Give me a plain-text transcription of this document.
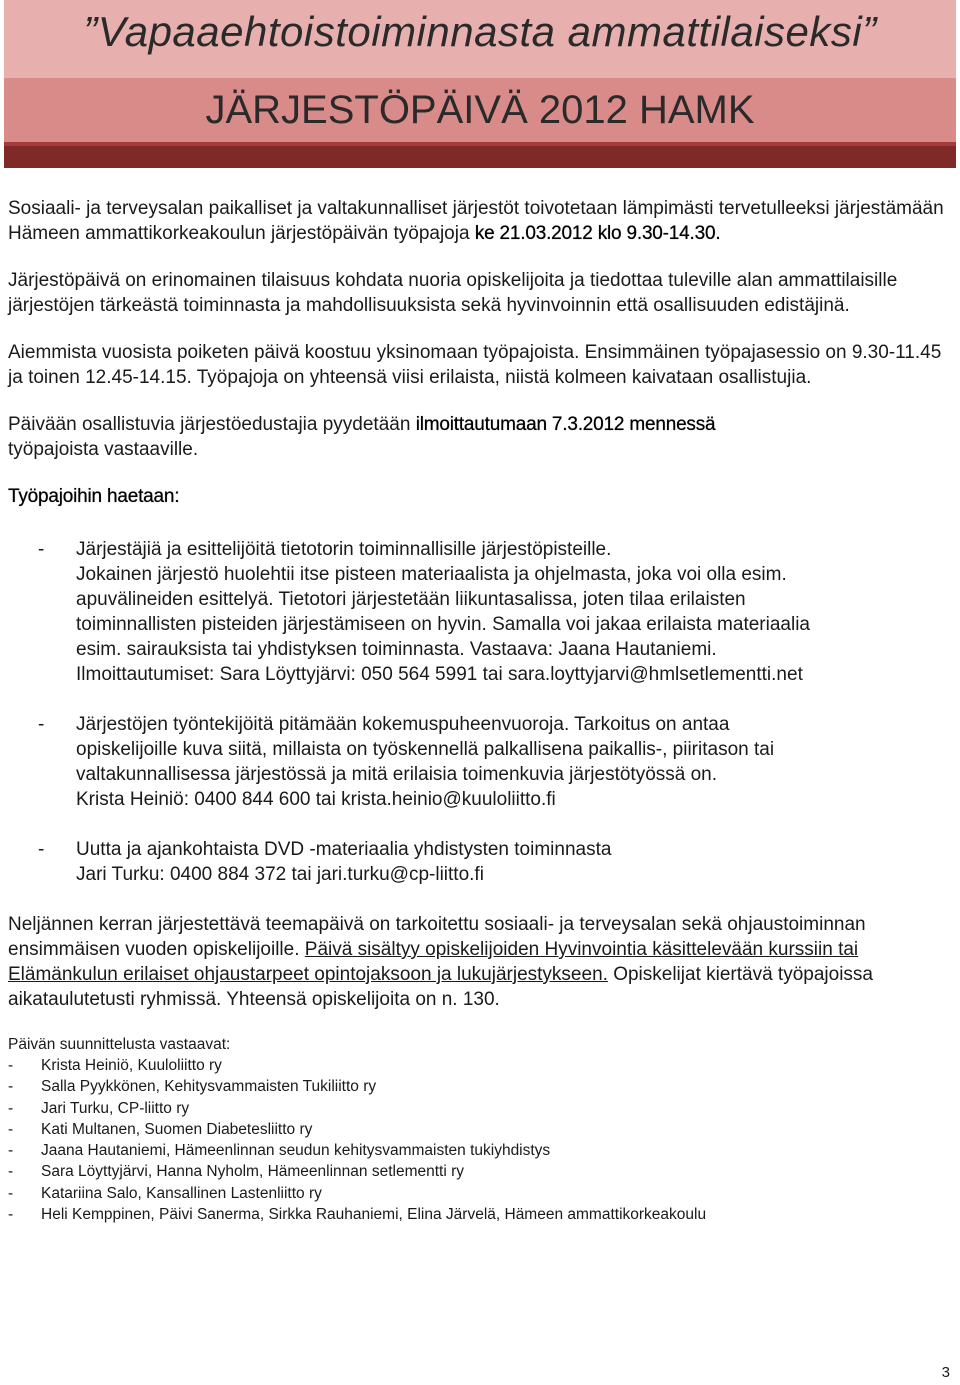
”Vapaaehtoistoiminnasta ammattilaiseksi”
JÄRJESTÖPÄIVÄ 2012 HAMK

Sosiaali- ja terveysalan paikalliset ja valtakunnalliset järjestöt toivotetaan lämpimästi tervetulleeksi järjestämään Hämeen ammattikorkeakoulun järjestöpäivän työpajoja ke 21.03.2012 klo 9.30-14.30.

Järjestöpäivä on erinomainen tilaisuus kohdata nuoria opiskelijoita ja tiedottaa tuleville alan ammattilaisille järjestöjen tärkeästä toiminnasta ja mahdollisuuksista sekä hyvinvoinnin että osallisuuden edistäjinä.

Aiemmista vuosista poiketen päivä koostuu yksinomaan työpajoista. Ensimmäinen työpajasessio on 9.30-11.45 ja toinen 12.45-14.15. Työpajoja on yhteensä viisi erilaista, niistä kolmeen kaivataan osallistujia.

Päivään osallistuvia järjestöedustajia pyydetään ilmoittautumaan 7.3.2012 mennessä
työpajoista vastaaville.

Työpajoihin haetaan:

-	Järjestäjiä ja esittelijöitä tietotorin toiminnallisille järjestöpisteille.
Jokainen järjestö huolehtii itse pisteen materiaalista ja ohjelmasta, joka voi olla esim.
apuvälineiden esittelyä. Tietotori järjestetään liikuntasalissa, joten tilaa erilaisten
toiminnallisten pisteiden järjestämiseen on hyvin. Samalla voi jakaa erilaista materiaalia
esim. sairauksista tai yhdistyksen toiminnasta. Vastaava: Jaana Hautaniemi.
Ilmoittautumiset: Sara Löyttyjärvi: 050 564 5991 tai sara.loyttyjarvi@hmlsetlementti.net
-	Järjestöjen työntekijöitä pitämään kokemuspuheenvuoroja. Tarkoitus on antaa
opiskelijoille kuva siitä, millaista on työskennellä palkallisena paikallis-, piiritason tai
valtakunnallisessa järjestössä ja mitä erilaisia toimenkuvia järjestötyössä on.
Krista Heiniö: 0400 844 600 tai krista.heinio@kuuloliitto.fi
-	Uutta ja ajankohtaista DVD -materiaalia yhdistysten toiminnasta
Jari Turku: 0400 884 372 tai jari.turku@cp-liitto.fi

Neljännen kerran järjestettävä teemapäivä on tarkoitettu sosiaali- ja terveysalan sekä ohjaustoiminnan ensimmäisen vuoden opiskelijoille. Päivä sisältyy opiskelijoiden Hyvinvointia käsittelevään kurssiin tai Elämänkulun erilaiset ohjaustarpeet opintojaksoon ja lukujärjestykseen. Opiskelijat kiertävä työpajoissa aikataulutetusti ryhmissä. Yhteensä opiskelijoita on n. 130.

Päivän suunnittelusta vastaavat:
-	Krista Heiniö, Kuuloliitto ry
-	Salla Pyykkönen, Kehitysvammaisten Tukiliitto ry
-	Jari Turku, CP-liitto ry
-	Kati Multanen, Suomen Diabetesliitto ry
-	Jaana Hautaniemi, Hämeenlinnan seudun kehitysvammaisten tukiyhdistys
-	Sara Löyttyjärvi, Hanna Nyholm, Hämeenlinnan setlementti ry
-	Katariina Salo, Kansallinen Lastenliitto ry
-	Heli Kemppinen, Päivi Sanerma, Sirkka Rauhaniemi, Elina Järvelä, Hämeen ammattikorkeakoulu
3
